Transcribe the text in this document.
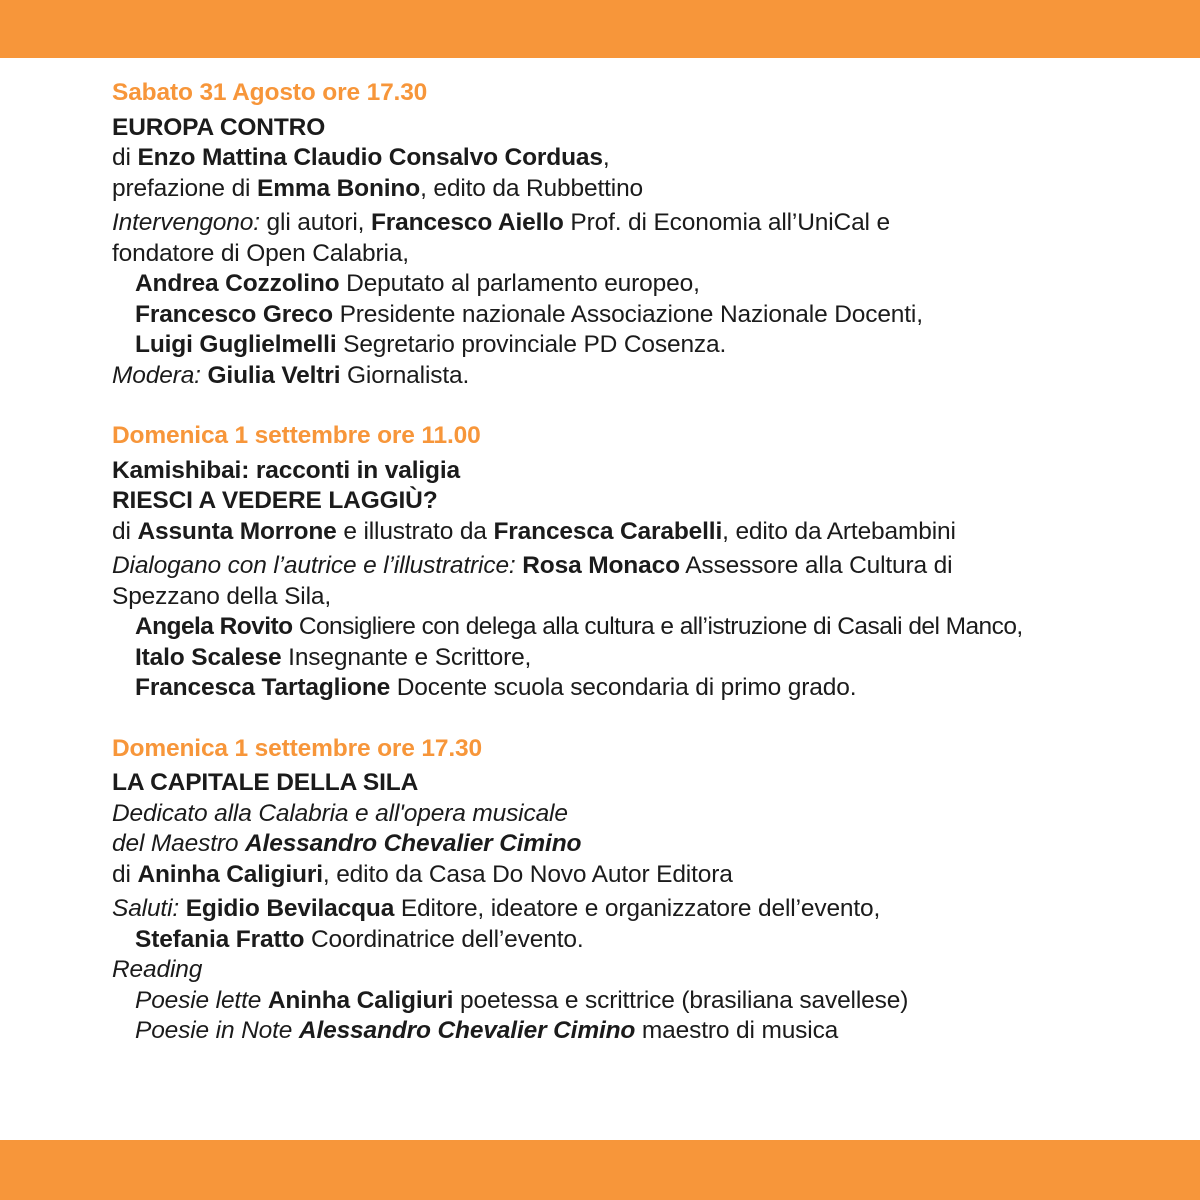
Sabato 31 Agosto ore 17.30
EUROPA CONTRO
di Enzo Mattina Claudio Consalvo Corduas,
prefazione di Emma Bonino, edito da Rubbettino
Intervengono: gli autori, Francesco Aiello Prof. di Economia all’UniCal e
fondatore di Open Calabria,
Andrea Cozzolino Deputato al parlamento europeo,
Francesco Greco Presidente nazionale Associazione Nazionale Docenti,
Luigi Guglielmelli Segretario provinciale PD Cosenza.
Modera: Giulia Veltri Giornalista.
Domenica 1 settembre ore 11.00
Kamishibai: racconti in valigia
RIESCI A VEDERE LAGGIÙ?
di Assunta Morrone e illustrato da Francesca Carabelli, edito da Artebambini
Dialogano con l’autrice e l’illustratrice: Rosa Monaco Assessore alla Cultura di
Spezzano della Sila,
Angela Rovito Consigliere con delega alla cultura e all’istruzione di Casali del Manco,
Italo Scalese Insegnante e Scrittore,
Francesca Tartaglione Docente scuola secondaria di primo grado.
Domenica 1 settembre ore 17.30
LA CAPITALE DELLA SILA
Dedicato alla Calabria e all'opera musicale
del Maestro Alessandro Chevalier Cimino
di Aninha Caligiuri, edito da Casa Do Novo Autor Editora
Saluti: Egidio Bevilacqua Editore, ideatore e organizzatore dell’evento,
Stefania Fratto Coordinatrice dell’evento.
Reading
Poesie lette Aninha Caligiuri poetessa e scrittrice (brasiliana savellese)
Poesie in Note Alessandro Chevalier Cimino maestro di musica
